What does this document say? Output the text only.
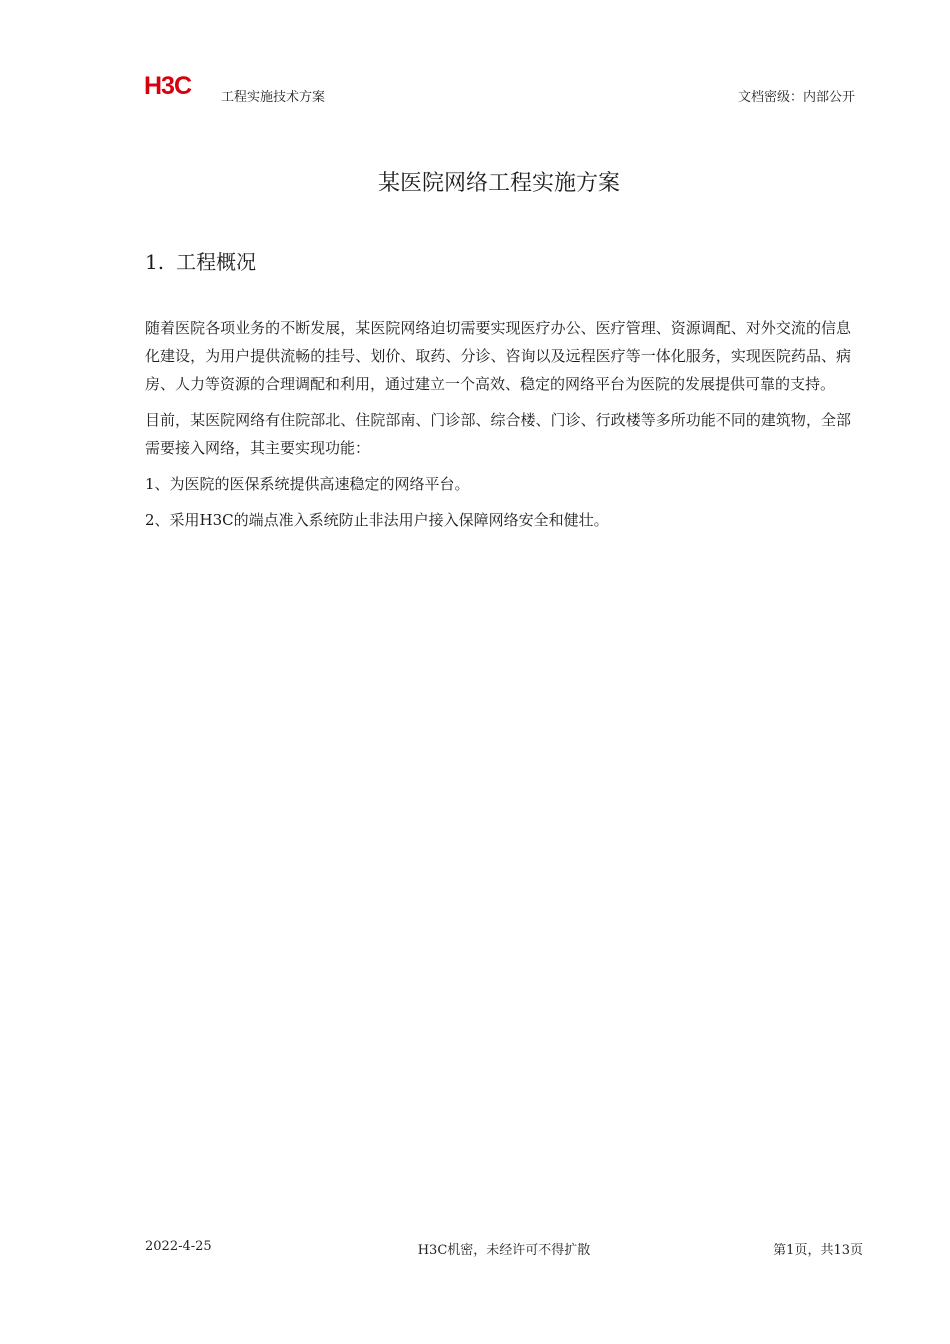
H3C 工程实施技术方案	文档密级：内部公开
某医院网络工程实施方案
1. 工程概况

随着医院各项业务的不断发展，某医院网络迫切需要实现医疗办公、医疗管理、资源调配、对外交流的信息化建设，为用户提供流畅的挂号、划价、取药、分诊、咨询以及远程医疗等一体化服务，实现医院药品、病房、人力等资源的合理调配和利用，通过建立一个高效、稳定的网络平台为医院的发展提供可靠的支持。

目前，某医院网络有住院部北、住院部南、门诊部、综合楼、门诊、行政楼等多所功能不同的建筑物，全部需要接入网络，其主要实现功能：

1、为医院的医保系统提供高速稳定的网络平台。

2、采用H3C的端点准入系统防止非法用户接入保障网络安全和健壮。

2022-4-25	H3C机密，未经许可不得扩散	第1页，共13页
